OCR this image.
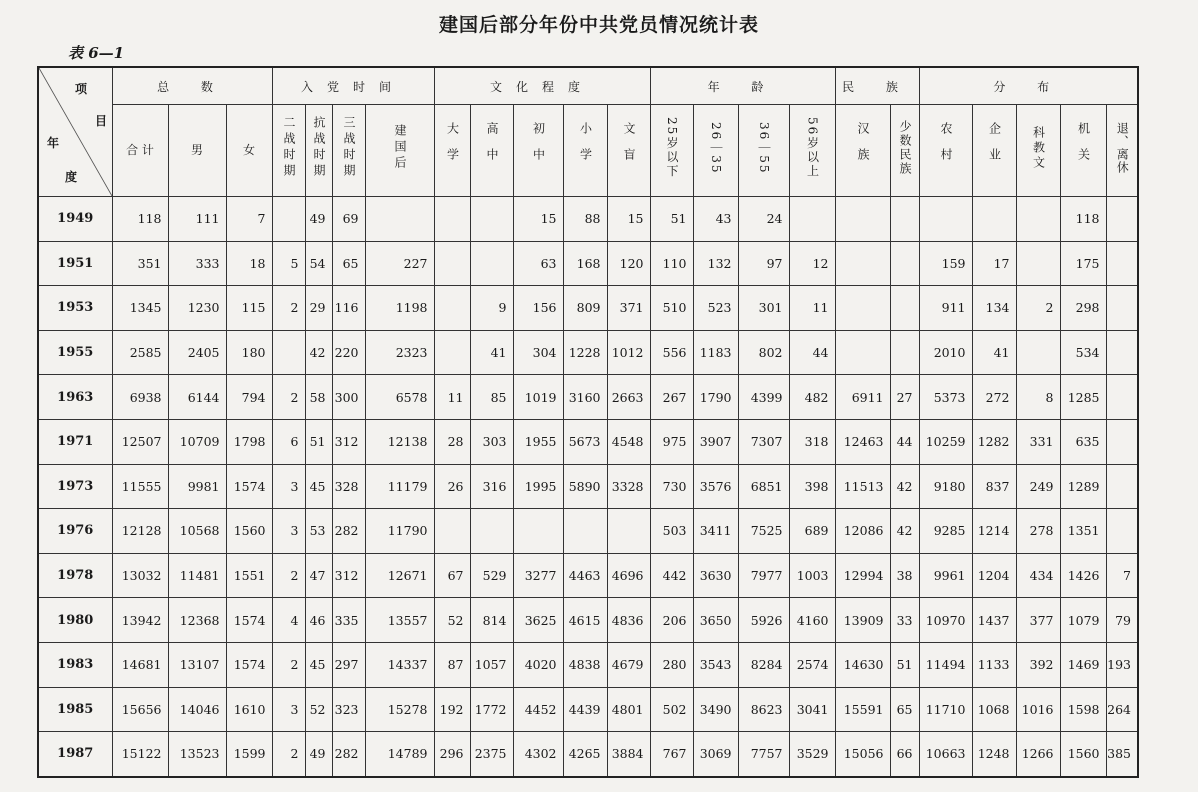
建国后部分年份中共党员情况统计表
表 6—1
项
目
年
度	总 数			入党时间				文化程度					年 龄				民 族		分 布				
	合 计	男	女	二战时期	抗战时期	三战时期	建国后	大学	高中	初中	小学	文盲	25岁以下	26｜35	36｜55	56岁以上	汉族	少数民族	农村	企业	科教文	机关	退、离休
1949	118	111	7		49	69				15	88	15	51	43	24							118	
1951	351	333	18	5	54	65	227			63	168	120	110	132	97	12			159	17		175	
1953	1345	1230	115	2	29	116	1198		9	156	809	371	510	523	301	11			911	134	2	298	
1955	2585	2405	180		42	220	2323		41	304	1228	1012	556	1183	802	44			2010	41		534	
1963	6938	6144	794	2	58	300	6578	11	85	1019	3160	2663	267	1790	4399	482	6911	27	5373	272	8	1285	
1971	12507	10709	1798	6	51	312	12138	28	303	1955	5673	4548	975	3907	7307	318	12463	44	10259	1282	331	635	
1973	11555	9981	1574	3	45	328	11179	26	316	1995	5890	3328	730	3576	6851	398	11513	42	9180	837	249	1289	
1976	12128	10568	1560	3	53	282	11790						503	3411	7525	689	12086	42	9285	1214	278	1351	
1978	13032	11481	1551	2	47	312	12671	67	529	3277	4463	4696	442	3630	7977	1003	12994	38	9961	1204	434	1426	7
1980	13942	12368	1574	4	46	335	13557	52	814	3625	4615	4836	206	3650	5926	4160	13909	33	10970	1437	377	1079	79
1983	14681	13107	1574	2	45	297	14337	87	1057	4020	4838	4679	280	3543	8284	2574	14630	51	11494	1133	392	1469	193
1985	15656	14046	1610	3	52	323	15278	192	1772	4452	4439	4801	502	3490	8623	3041	15591	65	11710	1068	1016	1598	264
1987	15122	13523	1599	2	49	282	14789	296	2375	4302	4265	3884	767	3069	7757	3529	15056	66	10663	1248	1266	1560	385
